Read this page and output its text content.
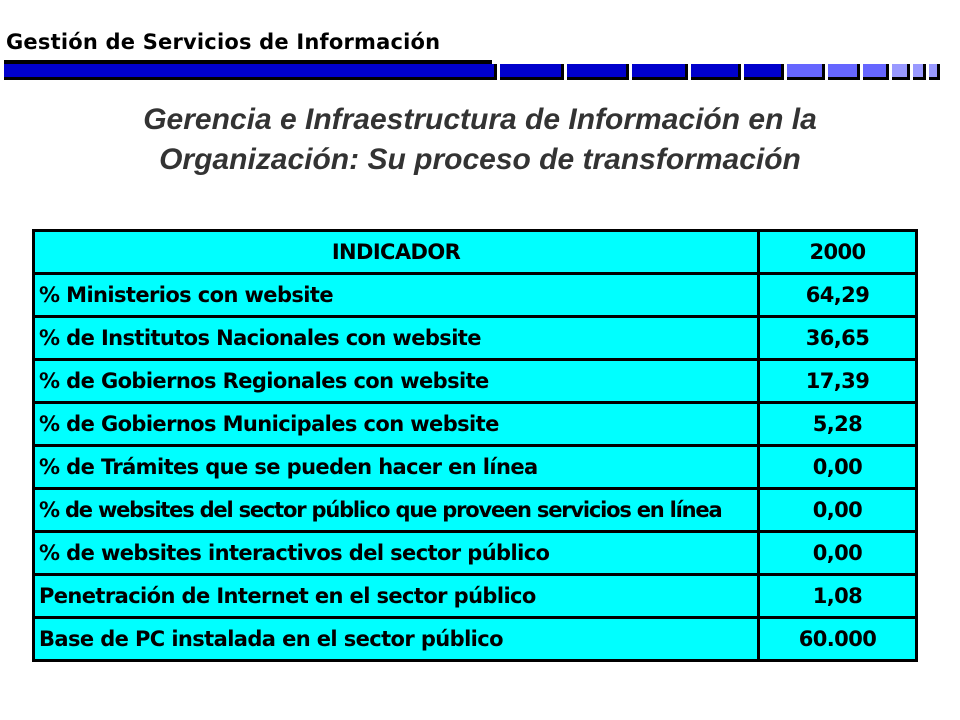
Gestión de Servicios de Información
Gerencia e Infraestructura de Información en la
Organización: Su proceso de transformación
INDICADOR	2000
% Ministerios con website	64,29
% de Institutos Nacionales con website	36,65
% de Gobiernos Regionales con website	17,39
% de Gobiernos Municipales con website	5,28
% de Trámites que se pueden hacer en línea	0,00
% de websites del sector público que proveen servicios en línea	0,00
% de websites interactivos del sector público	0,00
Penetración de Internet en el sector público	1,08
Base de PC instalada en el sector público	60.000
